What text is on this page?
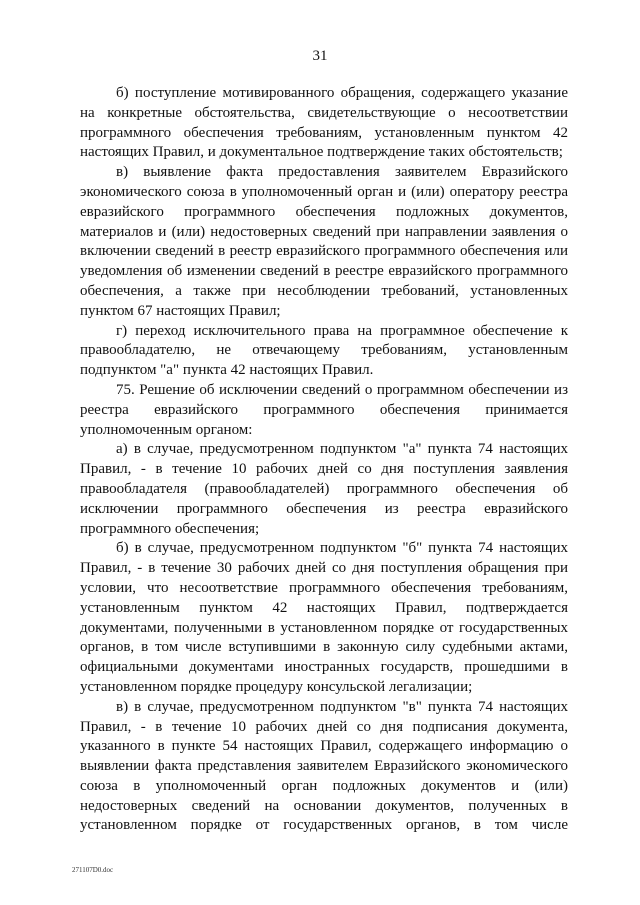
31

б) поступление мотивированного обращения, содержащего указание на конкретные обстоятельства, свидетельствующие о несоответствии программного обеспечения требованиям, установленным пунктом 42 настоящих Правил, и документальное подтверждение таких обстоятельств;

в) выявление факта предоставления заявителем Евразийского экономического союза в уполномоченный орган и (или) оператору реестра евразийского программного обеспечения подложных документов, материалов и (или) недостоверных сведений при направлении заявления о включении сведений в реестр евразийского программного обеспечения или уведомления об изменении сведений в реестре евразийского программного обеспечения, а также при несоблюдении требований, установленных пунктом 67 настоящих Правил;

г) переход исключительного права на программное обеспечение к правообладателю, не отвечающему требованиям, установленным подпунктом "а" пункта 42 настоящих Правил.

75. Решение об исключении сведений о программном обеспечении из реестра евразийского программного обеспечения принимается уполномоченным органом:

а) в случае, предусмотренном подпунктом "а" пункта 74 настоящих Правил, - в течение 10 рабочих дней со дня поступления заявления правообладателя (правообладателей) программного обеспечения об исключении программного обеспечения из реестра евразийского программного обеспечения;

б) в случае, предусмотренном подпунктом "б" пункта 74 настоящих Правил, - в течение 30 рабочих дней со дня поступления обращения при условии, что несоответствие программного обеспечения требованиям, установленным пунктом 42 настоящих Правил, подтверждается документами, полученными в установленном порядке от государственных органов, в том числе вступившими в законную силу судебными актами, официальными документами иностранных государств, прошедшими в установленном порядке процедуру консульской легализации;

в) в случае, предусмотренном подпунктом "в" пункта 74 настоящих Правил, - в течение 10 рабочих дней со дня подписания документа, указанного в пункте 54 настоящих Правил, содержащего информацию о выявлении факта представления заявителем Евразийского экономического союза в уполномоченный орган подложных документов и (или) недостоверных сведений на основании документов, полученных в установленном порядке от государственных органов, в том числе

271107D0.doc
